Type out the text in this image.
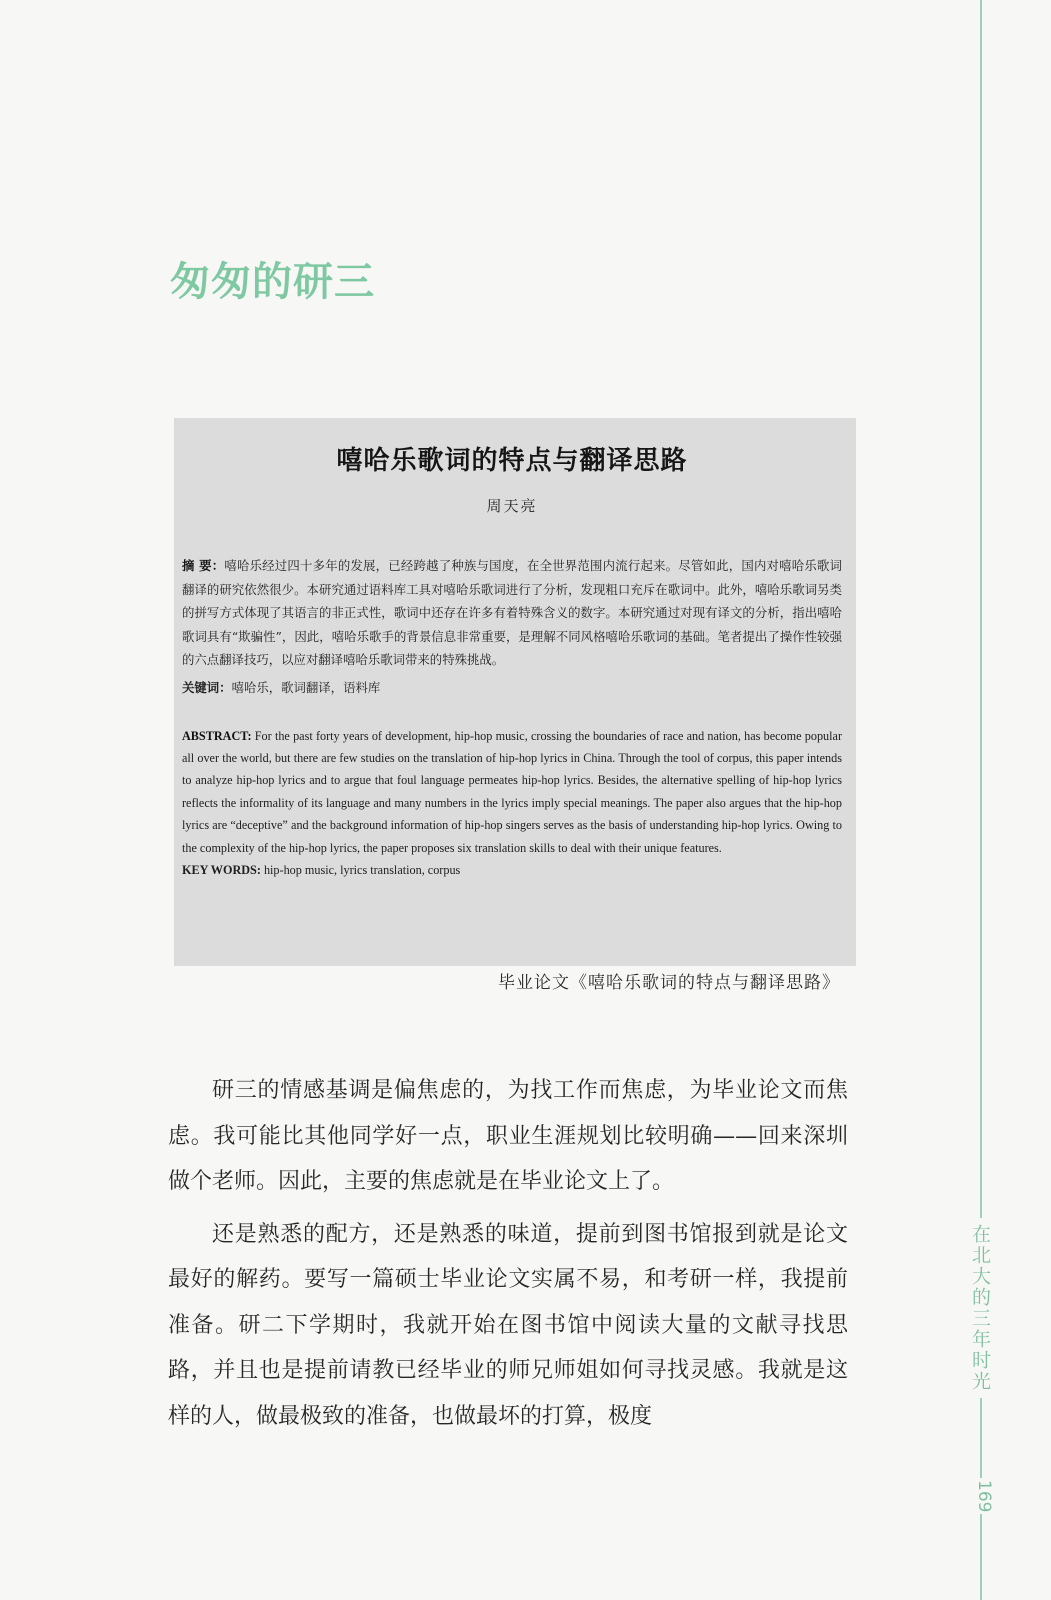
匆匆的研三

嘻哈乐歌词的特点与翻译思路

周天亮

摘 要：嘻哈乐经过四十多年的发展，已经跨越了种族与国度，在全世界范围内流行起来。尽管如此，国内对嘻哈乐歌词翻译的研究依然很少。本研究通过语料库工具对嘻哈乐歌词进行了分析，发现粗口充斥在歌词中。此外，嘻哈乐歌词另类的拼写方式体现了其语言的非正式性，歌词中还存在许多有着特殊含义的数字。本研究通过对现有译文的分析，指出嘻哈歌词具有“欺骗性”，因此，嘻哈乐歌手的背景信息非常重要，是理解不同风格嘻哈乐歌词的基础。笔者提出了操作性较强的六点翻译技巧，以应对翻译嘻哈乐歌词带来的特殊挑战。

关键词：嘻哈乐，歌词翻译，语料库

ABSTRACT: For the past forty years of development, hip-hop music, crossing the boundaries of race and nation, has become popular all over the world, but there are few studies on the translation of hip-hop lyrics in China. Through the tool of corpus, this paper intends to analyze hip-hop lyrics and to argue that foul language permeates hip-hop lyrics. Besides, the alternative spelling of hip-hop lyrics reflects the informality of its language and many numbers in the lyrics imply special meanings. The paper also argues that the hip-hop lyrics are “deceptive” and the background information of hip-hop singers serves as the basis of understanding hip-hop lyrics. Owing to the complexity of the hip-hop lyrics, the paper proposes six translation skills to deal with their unique features.

KEY WORDS: hip-hop music, lyrics translation, corpus

毕业论文《嘻哈乐歌词的特点与翻译思路》

研三的情感基调是偏焦虑的，为找工作而焦虑，为毕业论文而焦虑。我可能比其他同学好一点，职业生涯规划比较明确——回来深圳做个老师。因此，主要的焦虑就是在毕业论文上了。

还是熟悉的配方，还是熟悉的味道，提前到图书馆报到就是论文最好的解药。要写一篇硕士毕业论文实属不易，和考研一样，我提前准备。研二下学期时，我就开始在图书馆中阅读大量的文献寻找思路，并且也是提前请教已经毕业的师兄师姐如何寻找灵感。我就是这样的人，做最极致的准备，也做最坏的打算，极度

在北大的三年时光
169
